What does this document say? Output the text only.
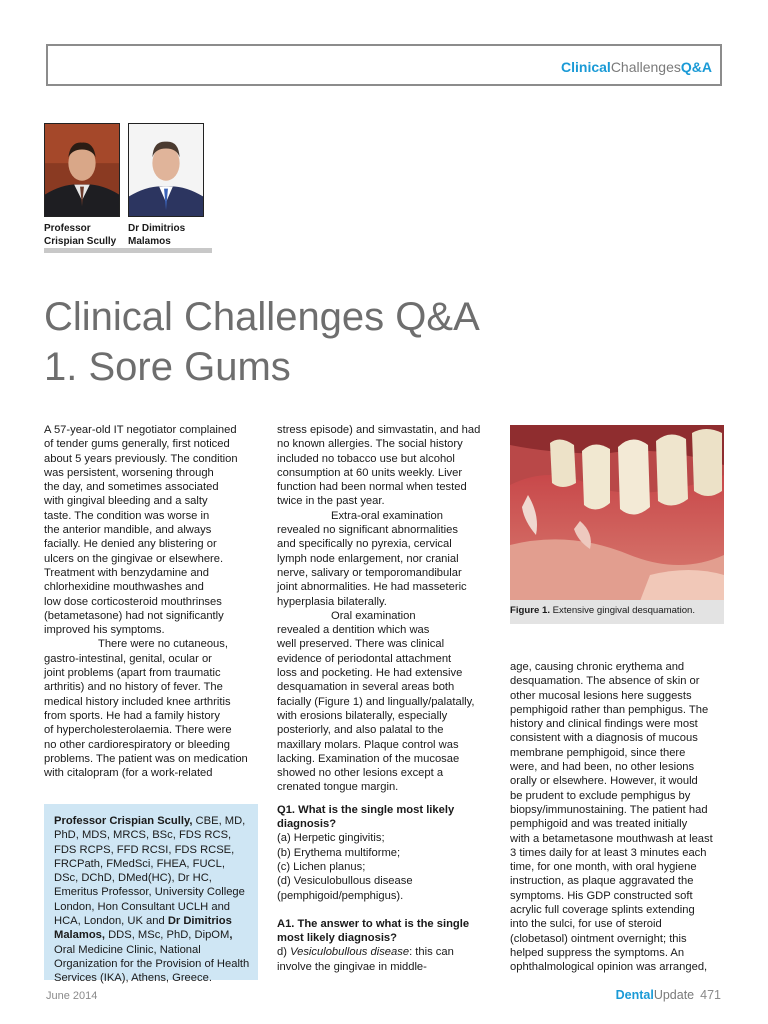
ClinicalChallengesQ&A
Professor
Crispian Scully
Dr Dimitrios
Malamos
Clinical Challenges Q&A
1. Sore Gums

A 57-year-old IT negotiator complained

of tender gums generally, first noticed

about 5 years previously. The condition

was persistent, worsening through

the day, and sometimes associated

with gingival bleeding and a salty

taste. The condition was worse in

the anterior mandible, and always

facially. He denied any blistering or

ulcers on the gingivae or elsewhere.

Treatment with benzydamine and

chlorhexidine mouthwashes and

low dose corticosteroid mouthrinses

(betametasone) had not significantly

improved his symptoms.

There were no cutaneous,

gastro-intestinal, genital, ocular or

joint problems (apart from traumatic

arthritis) and no history of fever. The

medical history included knee arthritis

from sports. He had a family history

of hypercholesterolaemia. There were

no other cardiorespiratory or bleeding

problems. The patient was on medication

with citalopram (for a work-related

Professor Crispian Scully, CBE, MD, PhD, MDS, MRCS, BSc, FDS RCS, FDS RCPS, FFD RCSI, FDS RCSE, FRCPath, FMedSci, FHEA, FUCL, DSc, DChD, DMed(HC), Dr HC, Emeritus Professor, University College London, Hon Consultant UCLH and HCA, London, UK and Dr Dimitrios Malamos, DDS, MSc, PhD, DipOM, Oral Medicine Clinic, National Organization for the Provision of Health Services (IKA), Athens, Greece.

stress episode) and simvastatin, and had

no known allergies. The social history

included no tobacco use but alcohol

consumption at 60 units weekly. Liver

function had been normal when tested

twice in the past year.

Extra-oral examination

revealed no significant abnormalities

and specifically no pyrexia, cervical

lymph node enlargement, nor cranial

nerve, salivary or temporomandibular

joint abnormalities. He had masseteric

hyperplasia bilaterally.

Oral examination

revealed a dentition which was

well preserved. There was clinical

evidence of periodontal attachment

loss and pocketing. He had extensive

desquamation in several areas both

facially (Figure 1) and lingually/palatally,

with erosions bilaterally, especially

posteriorly, and also palatal to the

maxillary molars. Plaque control was

lacking. Examination of the mucosae

showed no other lesions except a

crenated tongue margin.

Q1. What is the single most likely
diagnosis?

(a) Herpetic gingivitis;

(b) Erythema multiforme;

(c) Lichen planus;

(d) Vesiculobullous disease

(pemphigoid/pemphigus).

A1. The answer to what is the single
most likely diagnosis?

d) Vesiculobullous disease: this can

involve the gingivae in middle-

Figure 1. Extensive gingival desquamation.

age, causing chronic erythema and

desquamation. The absence of skin or

other mucosal lesions here suggests

pemphigoid rather than pemphigus. The

history and clinical findings were most

consistent with a diagnosis of mucous

membrane pemphigoid, since there

were, and had been, no other lesions

orally or elsewhere. However, it would

be prudent to exclude pemphigus by

biopsy/immunostaining. The patient had

pemphigoid and was treated initially

with a betametasone mouthwash at least

3 times daily for at least 3 minutes each

time, for one month, with oral hygiene

instruction, as plaque aggravated the

symptoms. His GDP constructed soft

acrylic full coverage splints extending

into the sulci, for use of steroid

(clobetasol) ointment overnight; this

helped suppress the symptoms. An

ophthalmological opinion was arranged,

June 2014	DentalUpdate 471
